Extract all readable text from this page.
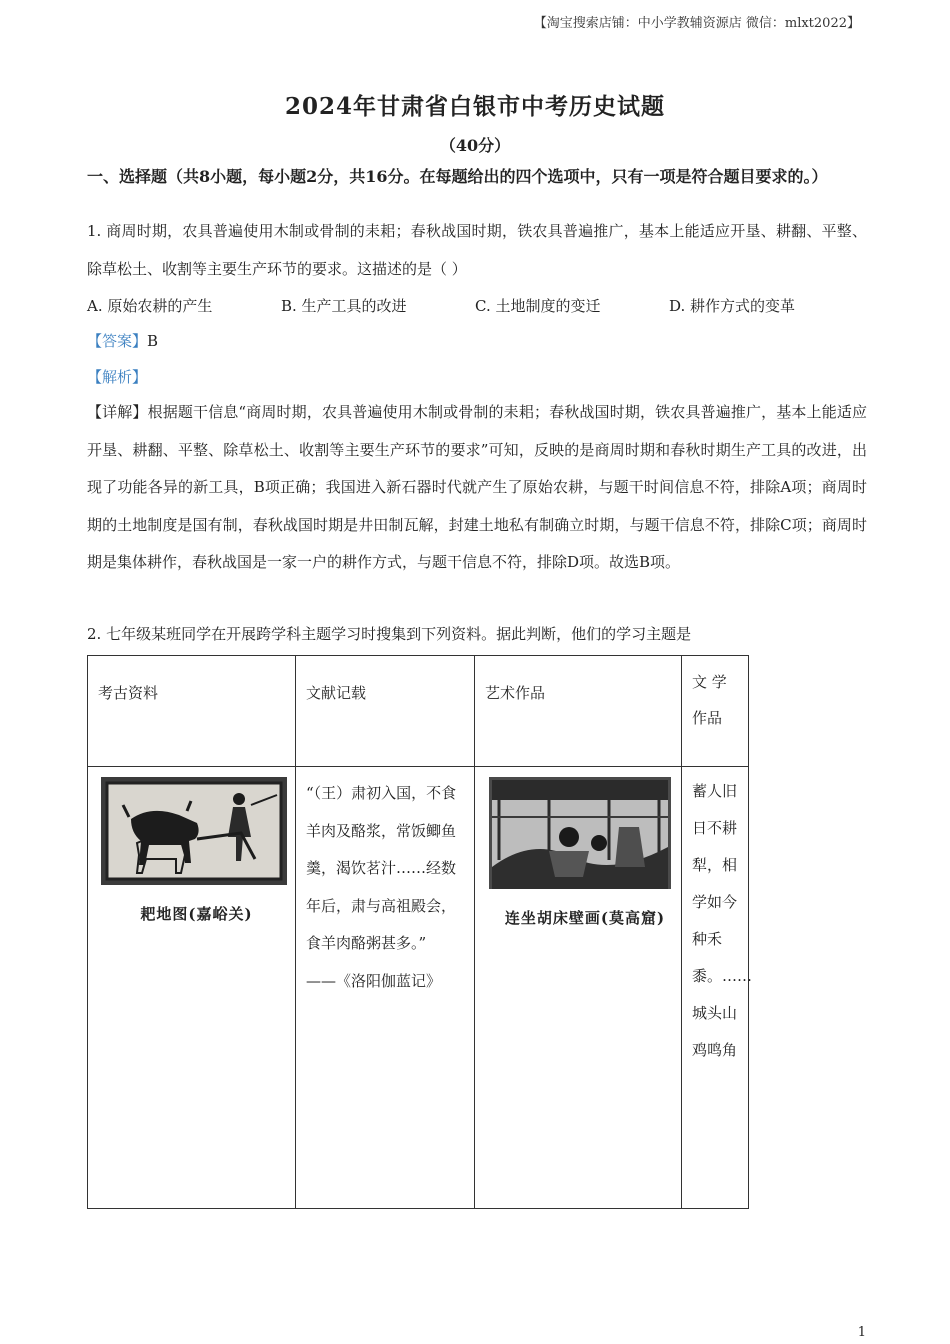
【淘宝搜索店铺：中小学教辅资源店 微信：mlxt2022】
2024年甘肃省白银市中考历史试题
（40分）
一、选择题（共8小题，每小题2分，共16分。在每题给出的四个选项中，只有一项是符合题目要求的。）
1. 商周时期，农具普遍使用木制或骨制的耒耜；春秋战国时期，铁农具普遍推广，基本上能适应开垦、耕翻、平整、除草松土、收割等主要生产环节的要求。这描述的是（ ）
A. 原始农耕的产生	B. 生产工具的改进	C. 土地制度的变迁	D. 耕作方式的变革
【答案】B
【解析】
【详解】根据题干信息“商周时期，农具普遍使用木制或骨制的耒耜；春秋战国时期，铁农具普遍推广，基本上能适应开垦、耕翻、平整、除草松土、收割等主要生产环节的要求”可知，反映的是商周时期和春秋时期生产工具的改进，出现了功能各异的新工具，B项正确；我国进入新石器时代就产生了原始农耕，与题干时间信息不符，排除A项；商周时期的土地制度是国有制，春秋战国时期是井田制瓦解，封建土地私有制确立时期，与题干信息不符，排除C项；商周时期是集体耕作，春秋战国是一家一户的耕作方式，与题干信息不符，排除D项。故选B项。
2. 七年级某班同学在开展跨学科主题学习时搜集到下列资料。据此判断，他们的学习主题是
考古资料	文献记载	艺术作品	文 学作品

耙地图(嘉峪关)	“（王）肃初入国，不食羊肉及酪浆，常饭鲫鱼 羹，渴饮茗汁……经数年后，肃与高祖殿会，食羊肉酪粥甚多。”
——《洛阳伽蓝记》	连坐胡床壁画(莫高窟)	蓄人旧日不耕犁，相学如今种禾黍。……城头山鸡鸣角
1
